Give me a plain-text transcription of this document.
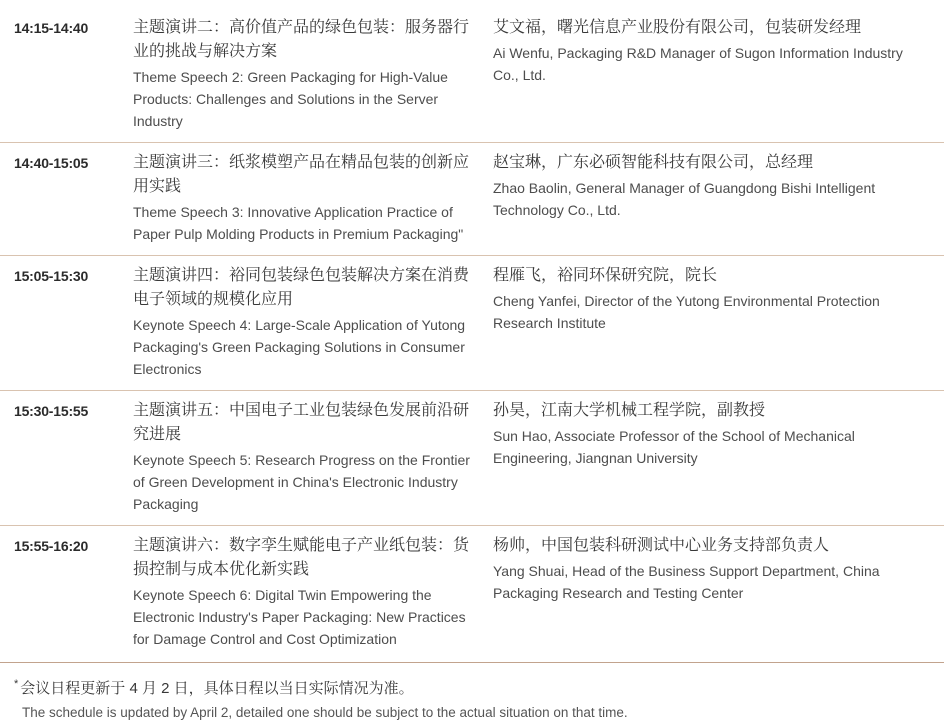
14:15-14:40	主题演讲二：高价值产品的绿色包装：服务器行业的挑战与解决方案
Theme Speech 2: Green Packaging for High-Value Products: Challenges and Solutions in the Server Industry
艾文福，曙光信息产业股份有限公司，包装研发经理
Ai Wenfu, Packaging R&D Manager of Sugon Information Industry Co., Ltd.
14:40-15:05	主题演讲三：纸浆模塑产品在精品包装的创新应用实践
Theme Speech 3: Innovative Application Practice of Paper Pulp Molding Products in Premium Packaging"
赵宝琳，广东必硕智能科技有限公司，总经理
Zhao Baolin, General Manager of Guangdong Bishi Intelligent Technology Co., Ltd.
15:05-15:30	主题演讲四：裕同包装绿色包装解决方案在消费电子领域的规模化应用
Keynote Speech 4: Large-Scale Application of Yutong Packaging's Green Packaging Solutions in Consumer Electronics
程雁飞，裕同环保研究院，院长
Cheng Yanfei, Director of the Yutong Environmental Protection Research Institute
15:30-15:55	主题演讲五：中国电子工业包装绿色发展前沿研究进展
Keynote Speech 5: Research Progress on the Frontier of Green Development in China's Electronic Industry Packaging
孙昊，江南大学机械工程学院，副教授
Sun Hao, Associate Professor of the School of Mechanical Engineering, Jiangnan University
15:55-16:20	主题演讲六：数字孪生赋能电子产业纸包装：货损控制与成本优化新实践
Keynote Speech 6: Digital Twin Empowering the Electronic Industry's Paper Packaging: New Practices for Damage Control and Cost Optimization
杨帅，中国包装科研测试中心业务支持部负责人
Yang Shuai, Head of the Business Support Department, China Packaging Research and Testing Center
* 会议日程更新于 4 月 2 日，具体日程以当日实际情况为准。
The schedule is updated by April 2, detailed one should be subject to the actual situation on that time.
